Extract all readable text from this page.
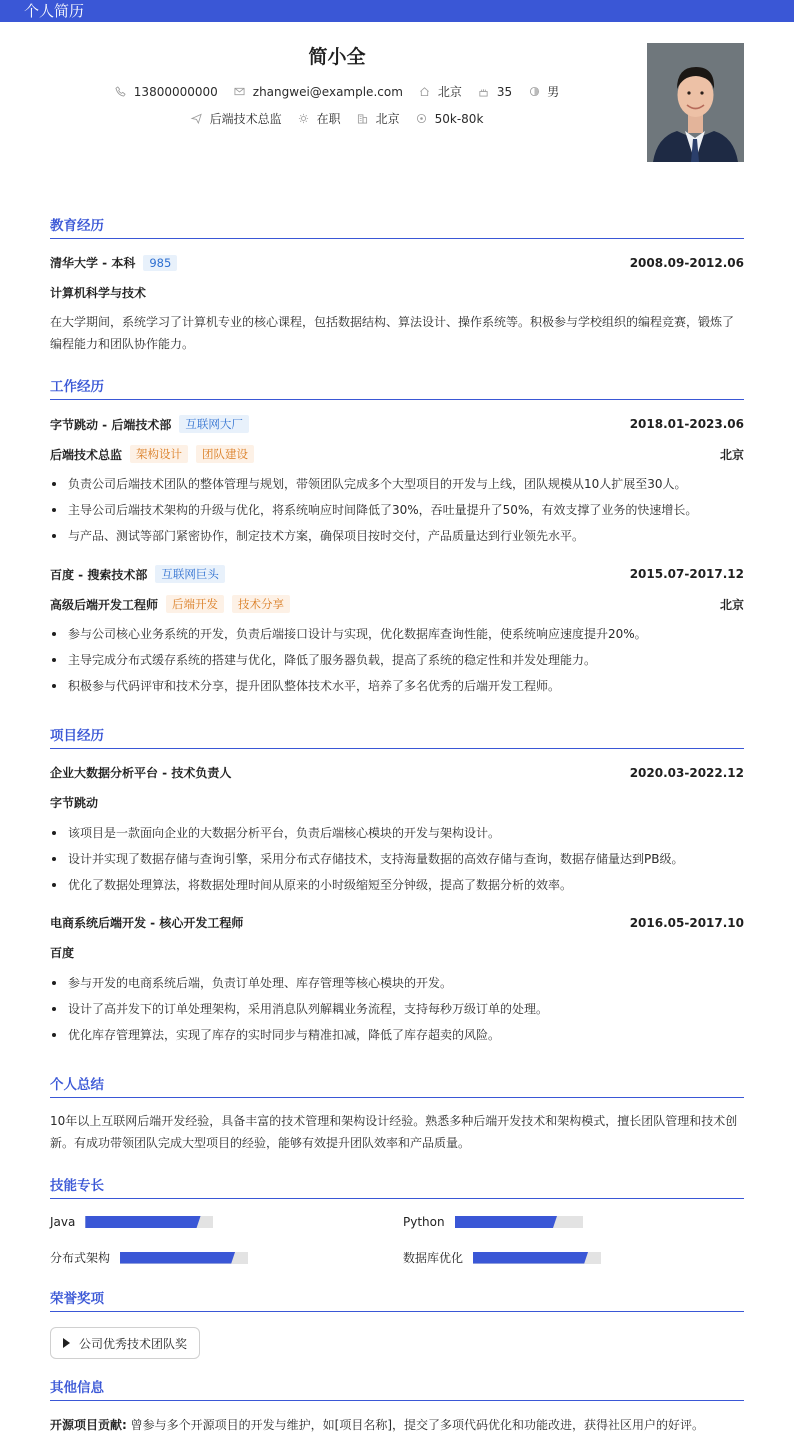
个人简历
简小全
13800000000	zhangwei@example.com	北京	35	男
后端技术总监	在职	北京	50k-80k
教育经历
清华大学 - 本科	985	2008.09-2012.06
计算机科学与技术
在大学期间，系统学习了计算机专业的核心课程，包括数据结构、算法设计、操作系统等。积极参与学校组织的编程竞赛，锻炼了编程能力和团队协作能力。
工作经历
字节跳动 - 后端技术部	互联网大厂	2018.01-2023.06
后端技术总监	架构设计	团队建设	北京
负责公司后端技术团队的整体管理与规划，带领团队完成多个大型项目的开发与上线，团队规模从10人扩展至30人。
主导公司后端技术架构的升级与优化，将系统响应时间降低了30%，吞吐量提升了50%，有效支撑了业务的快速增长。
与产品、测试等部门紧密协作，制定技术方案，确保项目按时交付，产品质量达到行业领先水平。
百度 - 搜索技术部	互联网巨头	2015.07-2017.12
高级后端开发工程师	后端开发	技术分享	北京
参与公司核心业务系统的开发，负责后端接口设计与实现，优化数据库查询性能，使系统响应速度提升20%。
主导完成分布式缓存系统的搭建与优化，降低了服务器负载，提高了系统的稳定性和并发处理能力。
积极参与代码评审和技术分享，提升团队整体技术水平，培养了多名优秀的后端开发工程师。
项目经历
企业大数据分析平台 - 技术负责人	2020.03-2022.12
字节跳动
该项目是一款面向企业的大数据分析平台，负责后端核心模块的开发与架构设计。
设计并实现了数据存储与查询引擎，采用分布式存储技术，支持海量数据的高效存储与查询，数据存储量达到PB级。
优化了数据处理算法，将数据处理时间从原来的小时级缩短至分钟级，提高了数据分析的效率。
电商系统后端开发 - 核心开发工程师	2016.05-2017.10
百度
参与开发的电商系统后端，负责订单处理、库存管理等核心模块的开发。
设计了高并发下的订单处理架构，采用消息队列解耦业务流程，支持每秒万级订单的处理。
优化库存管理算法，实现了库存的实时同步与精准扣减，降低了库存超卖的风险。
个人总结
10年以上互联网后端开发经验，具备丰富的技术管理和架构设计经验。熟悉多种后端开发技术和架构模式，擅长团队管理和技术创新。有成功带领团队完成大型项目的经验，能够有效提升团队效率和产品质量。
技能专长
Java	Python
分布式架构	数据库优化
荣誉奖项
公司优秀技术团队奖
其他信息
开源项目贡献: 曾参与多个开源项目的开发与维护，如[项目名称]，提交了多项代码优化和功能改进，获得社区用户的好评。
